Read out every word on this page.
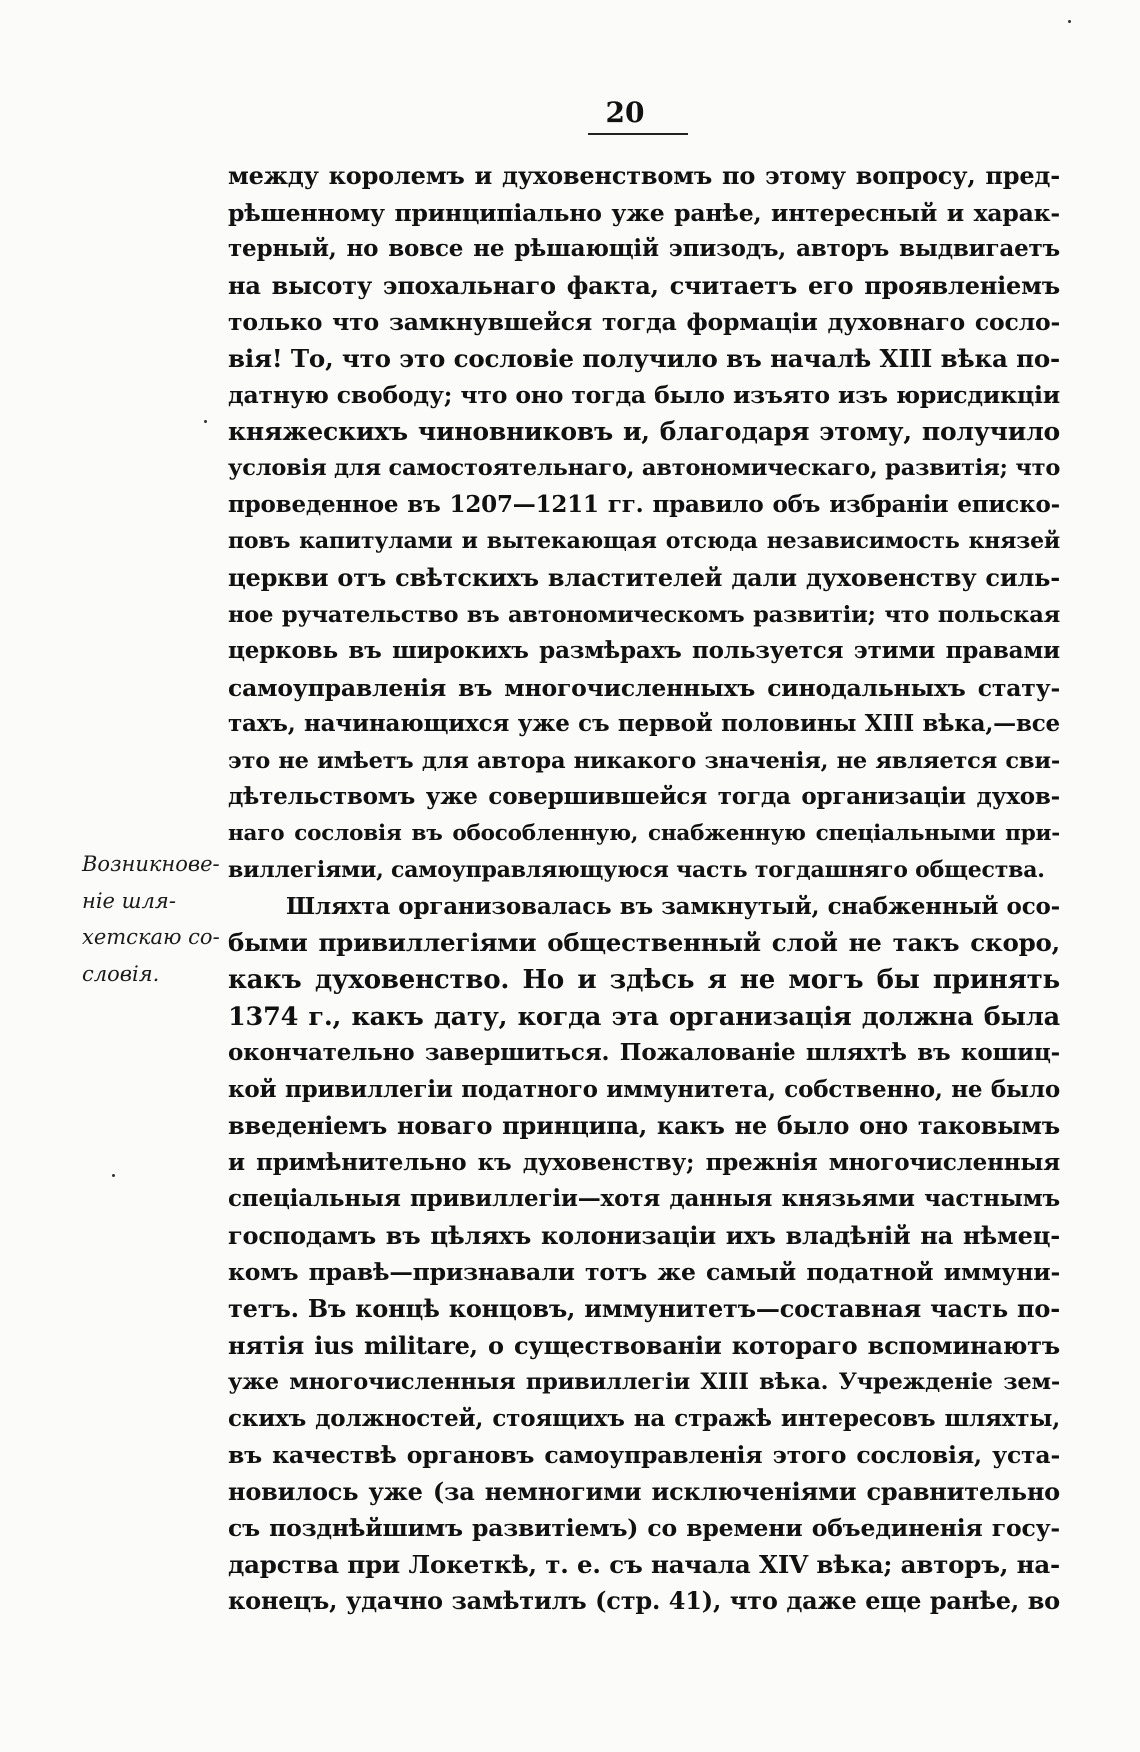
20
Возникнове-
ніе шля-
хетскаю со-
словія.
между королемъ и духовенствомъ по этому вопросу, пред-
рѣшенному принципіально уже ранѣе, интересный и харак-
терный, но вовсе не рѣшающій эпизодъ, авторъ выдвигаетъ
на высоту эпохальнаго факта, считаетъ его проявленіемъ
только что замкнувшейся тогда формаціи духовнаго сосло-
вія! То, что это сословіе получило въ началѣ XIII вѣка по-
датную свободу; что оно тогда было изъято изъ юрисдикціи
княжескихъ чиновниковъ и, благодаря этому, получило
условія для самостоятельнаго, автономическаго, развитія; что
проведенное въ 1207—1211 гг. правило объ избраніи еписко-
повъ капитулами и вытекающая отсюда независимость князей
церкви отъ свѣтскихъ властителей дали духовенству силь-
ное ручательство въ автономическомъ развитіи; что польская
церковь въ широкихъ размѣрахъ пользуется этими правами
самоуправленія въ многочисленныхъ синодальныхъ стату-
тахъ, начинающихся уже съ первой половины XIII вѣка,—все
это не имѣетъ для автора никакого значенія, не является сви-
дѣтельствомъ уже совершившейся тогда организаціи духов-
наго сословія въ обособленную, снабженную спеціальными при-
виллегіями, самоуправляющуюся часть тогдашняго общества.
Шляхта организовалась въ замкнутый, снабженный осо-
быми привиллегіями общественный слой не такъ скоро,
какъ духовенство. Но и здѣсь я не могъ бы принять
1374 г., какъ дату, когда эта организація должна была
окончательно завершиться. Пожалованіе шляхтѣ въ кошиц-
кой привиллегіи податного иммунитета, собственно, не было
введеніемъ новаго принципа, какъ не было оно таковымъ
и примѣнительно къ духовенству; прежнія многочисленныя
спеціальныя привиллегіи—хотя данныя князьями частнымъ
господамъ въ цѣляхъ колонизаціи ихъ владѣній на нѣмец-
комъ правѣ—признавали тотъ же самый податной иммуни-
тетъ. Въ концѣ концовъ, иммунитетъ—составная часть по-
нятія ius militare, о существованіи котораго вспоминаютъ
уже многочисленныя привиллегіи XIII вѣка. Учрежденіе зем-
скихъ должностей, стоящихъ на стражѣ интересовъ шляхты,
въ качествѣ органовъ самоуправленія этого сословія, уста-
новилось уже (за немногими исключеніями сравнительно
съ позднѣйшимъ развитіемъ) со времени объединенія госу-
дарства при Локеткѣ, т. е. съ начала XIV вѣка; авторъ, на-
конецъ, удачно замѣтилъ (стр. 41), что даже еще ранѣе, во
